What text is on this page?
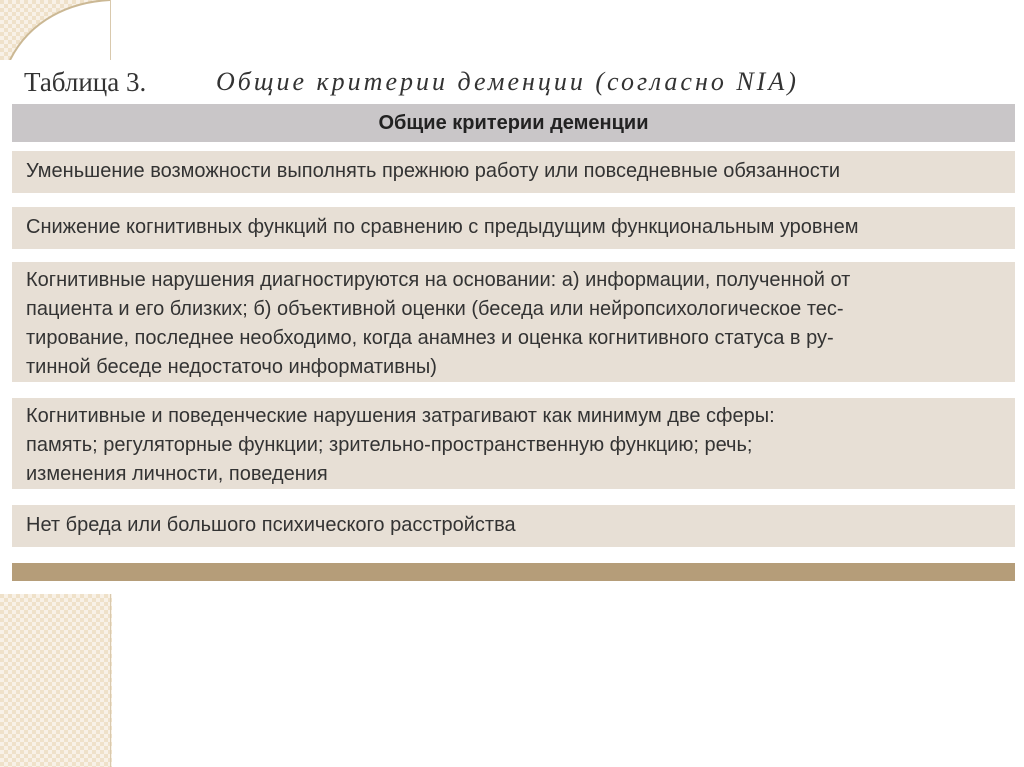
Таблица 3.	Общие критерии деменции (согласно NIA)
Общие критерии деменции
Уменьшение возможности выполнять прежнюю работу или повседневные обязанности
Снижение когнитивных функций по сравнению с предыдущим функциональным уровнем
Когнитивные нарушения диагностируются на основании: а) информации, полученной от
пациента и его близких; б) объективной оценки (беседа или нейропсихологическое тес-
тирование, последнее необходимо, когда анамнез и оценка когнитивного статуса в ру-
тинной беседе недостаточо информативны)
Когнитивные и поведенческие нарушения затрагивают как минимум две сферы:
память; регуляторные функции; зрительно-пространственную функцию; речь;
изменения личности, поведения
Нет бреда или большого психического расстройства
